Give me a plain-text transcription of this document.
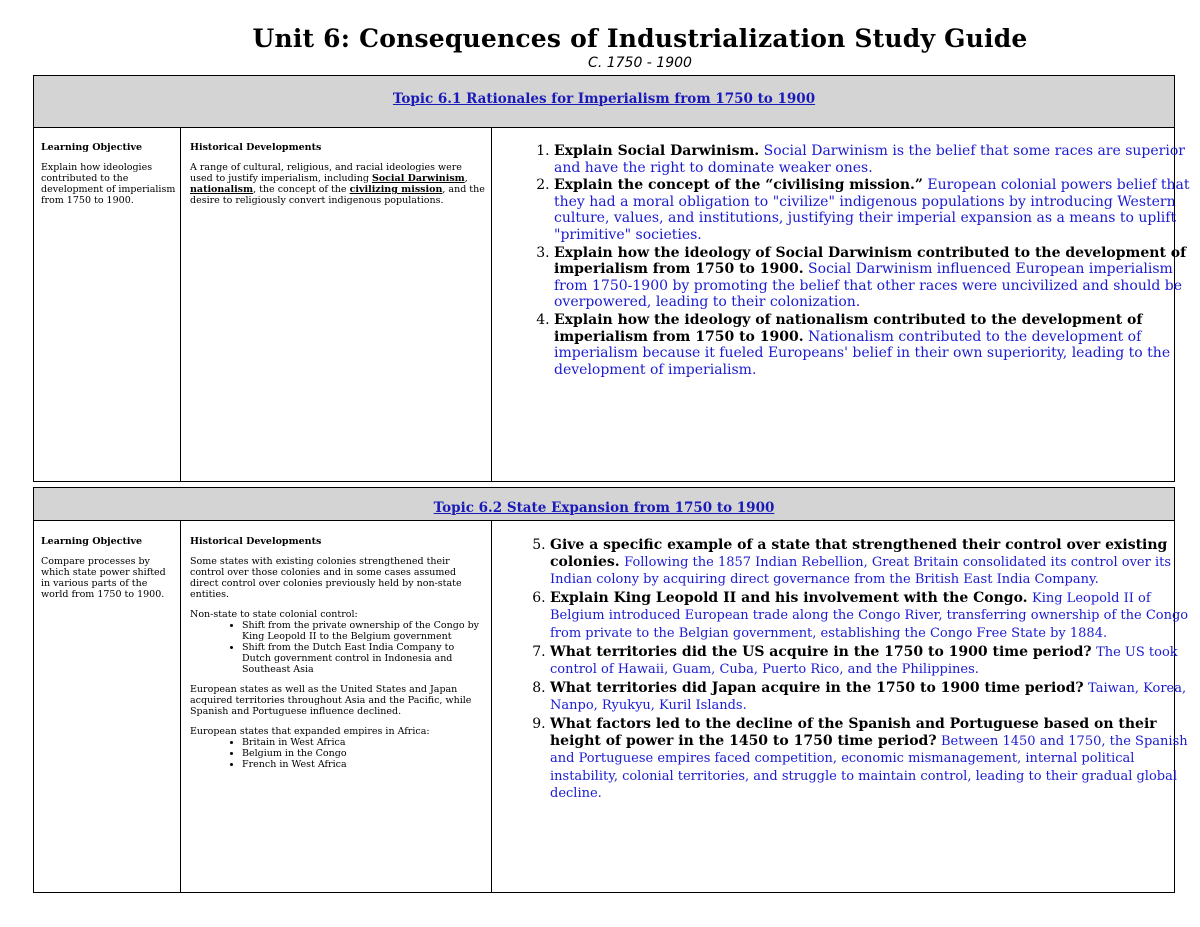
Unit 6: Consequences of Industrialization Study Guide
C. 1750 - 1900
Topic 6.1 Rationales for Imperialism from 1750 to 1900
Learning Objective
Explain how ideologies contributed to the development of imperialism from 1750 to 1900.
Historical Developments
A range of cultural, religious, and racial ideologies were used to justify imperialism, including Social Darwinism, nationalism, the concept of the civilizing mission, and the desire to religiously convert indigenous populations.
1. Explain Social Darwinism. Social Darwinism is the belief that some races are superior and have the right to dominate weaker ones.
2. Explain the concept of the “civilising mission.” European colonial powers belief that they had a moral obligation to "civilize" indigenous populations by introducing Western culture, values, and institutions, justifying their imperial expansion as a means to uplift "primitive" societies.
3. Explain how the ideology of Social Darwinism contributed to the development of imperialism from 1750 to 1900. Social Darwinism influenced European imperialism from 1750-1900 by promoting the belief that other races were uncivilized and should be overpowered, leading to their colonization.
4. Explain how the ideology of nationalism contributed to the development of imperialism from 1750 to 1900. Nationalism contributed to the development of imperialism because it fueled Europeans' belief in their own superiority, leading to the development of imperialism.
Topic 6.2 State Expansion from 1750 to 1900
Learning Objective
Compare processes by which state power shifted in various parts of the world from 1750 to 1900.
Historical Developments

Some states with existing colonies strengthened their control over those colonies and in some cases assumed direct control over colonies previously held by non-state entities.

Non-state to state colonial control:

• Shift from the private ownership of the Congo by King Leopold II to the Belgium government
• Shift from the Dutch East India Company to Dutch government control in Indonesia and Southeast Asia

European states as well as the United States and Japan acquired territories throughout Asia and the Pacific, while Spanish and Portuguese influence declined.

European states that expanded empires in Africa:

• Britain in West Africa
• Belgium in the Congo
• French in West Africa
5. Give a specific example of a state that strengthened their control over existing colonies. Following the 1857 Indian Rebellion, Great Britain consolidated its control over its Indian colony by acquiring direct governance from the British East India Company.
6. Explain King Leopold II and his involvement with the Congo. King Leopold II of Belgium introduced European trade along the Congo River, transferring ownership of the Congo from private to the Belgian government, establishing the Congo Free State by 1884.
7. What territories did the US acquire in the 1750 to 1900 time period? The US took control of Hawaii, Guam, Cuba, Puerto Rico, and the Philippines.
8. What territories did Japan acquire in the 1750 to 1900 time period? Taiwan, Korea, Nanpo, Ryukyu, Kuril Islands.
9. What factors led to the decline of the Spanish and Portuguese based on their height of power in the 1450 to 1750 time period? Between 1450 and 1750, the Spanish and Portuguese empires faced competition, economic mismanagement, internal political instability, colonial territories, and struggle to maintain control, leading to their gradual global decline.
